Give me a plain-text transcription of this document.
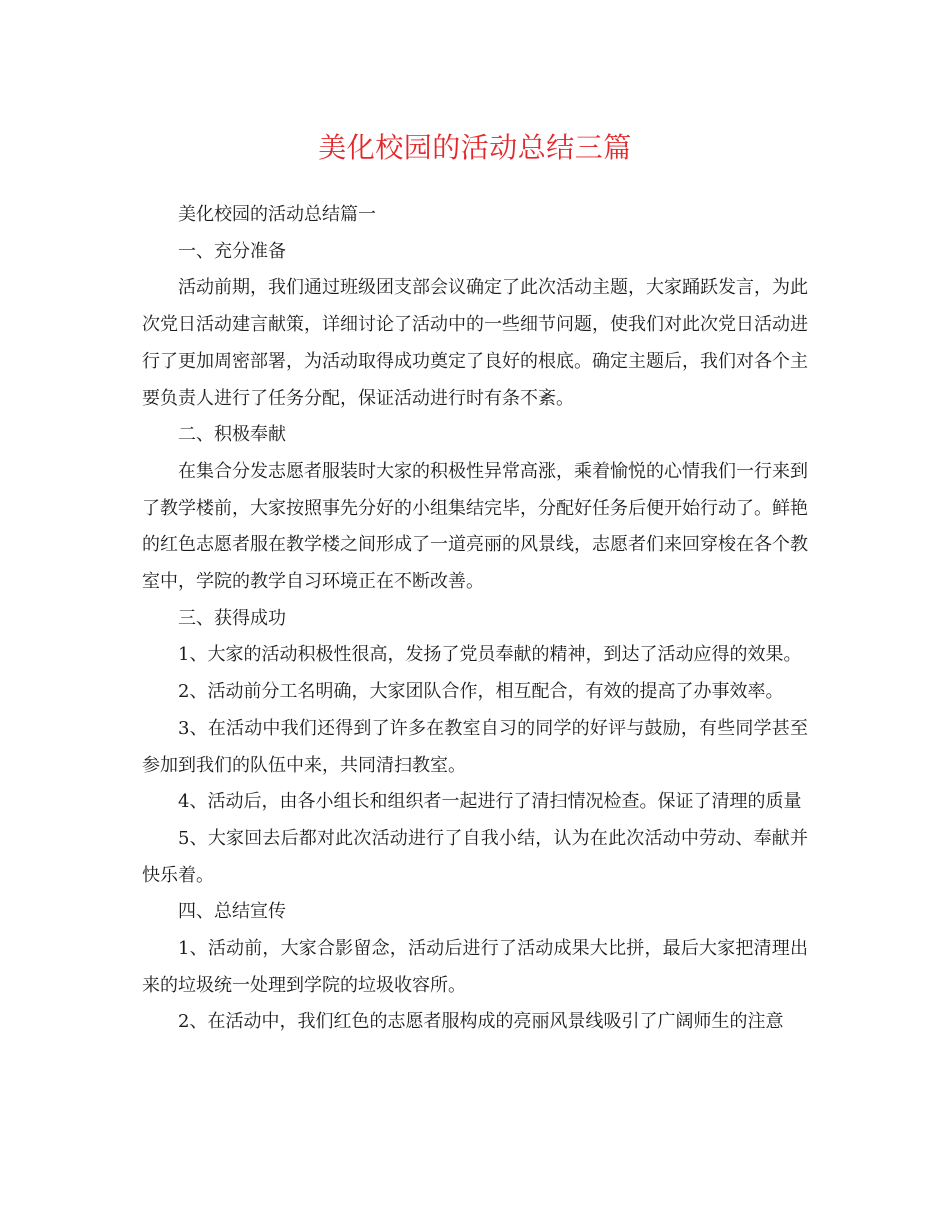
美化校园的活动总结三篇

美化校园的活动总结篇一

一、充分准备

活动前期，我们通过班级团支部会议确定了此次活动主题，大家踊跃发言，为此次党日活动建言献策，详细讨论了活动中的一些细节问题，使我们对此次党日活动进行了更加周密部署，为活动取得成功奠定了良好的根底。确定主题后，我们对各个主要负责人进行了任务分配，保证活动进行时有条不紊。

二、积极奉献

在集合分发志愿者服装时大家的积极性异常高涨，乘着愉悦的心情我们一行来到了教学楼前，大家按照事先分好的小组集结完毕，分配好任务后便开始行动了。鲜艳的红色志愿者服在教学楼之间形成了一道亮丽的风景线，志愿者们来回穿梭在各个教室中，学院的教学自习环境正在不断改善。

三、获得成功

1、大家的活动积极性很高，发扬了党员奉献的精神，到达了活动应得的效果。

2、活动前分工名明确，大家团队合作，相互配合，有效的提高了办事效率。

3、在活动中我们还得到了许多在教室自习的同学的好评与鼓励，有些同学甚至参加到我们的队伍中来，共同清扫教室。

4、活动后，由各小组长和组织者一起进行了清扫情况检查。保证了清理的质量

5、大家回去后都对此次活动进行了自我小结，认为在此次活动中劳动、奉献并快乐着。

四、总结宣传

1、活动前，大家合影留念，活动后进行了活动成果大比拼，最后大家把清理出来的垃圾统一处理到学院的垃圾收容所。

2、在活动中，我们红色的志愿者服构成的亮丽风景线吸引了广阔师生的注意
